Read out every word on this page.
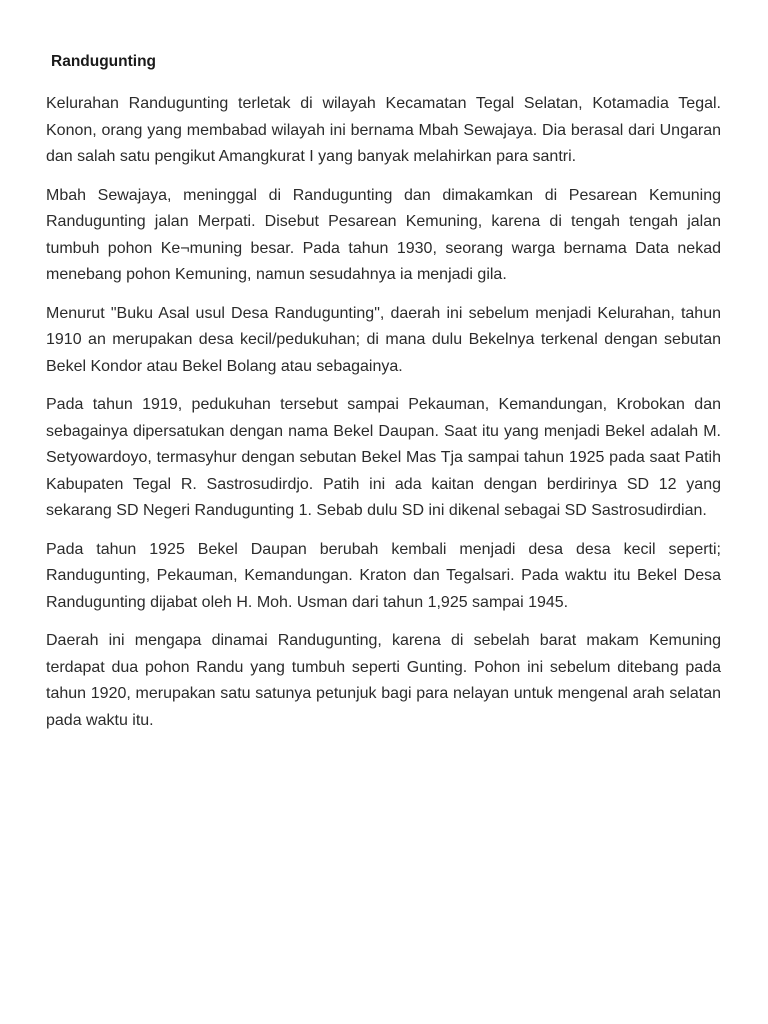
Randugunting

Kelurahan Randugunting terletak di wilayah Kecamatan Tegal Selatan, Kotamadia Tegal. Konon, orang yang membabad wilayah ini bernama Mbah Sewajaya. Dia berasal dari Ungaran dan salah satu pengikut Amangkurat I yang banyak melahirkan para santri.

Mbah Sewajaya, meninggal di Randugunting dan dimakamkan di Pesarean Kemuning Randugunting jalan Merpati. Disebut Pesarean Kemuning, karena di tengah tengah jalan tumbuh pohon Ke¬muning besar. Pada tahun 1930, seorang warga bernama Data nekad menebang pohon Kemuning, namun sesudahnya ia menjadi gila.

Menurut "Buku Asal usul Desa Randugunting", daerah ini sebelum menjadi Kelurahan, tahun 1910 an merupakan desa kecil/pedukuhan; di mana dulu Bekelnya terkenal dengan sebutan Bekel Kondor atau Bekel Bolang atau sebagainya.

Pada tahun 1919, pedukuhan tersebut sampai Pekauman, Kemandungan, Krobokan dan sebagainya dipersatukan dengan nama Bekel Daupan. Saat itu yang menjadi Bekel adalah M. Setyowardoyo, termasyhur dengan sebutan Bekel Mas Tja sampai tahun 1925 pada saat Patih Kabupaten Tegal R. Sastrosudirdjo. Patih ini ada kaitan dengan berdirinya SD 12 yang sekarang SD Negeri Randugunting 1. Sebab dulu SD ini dikenal sebagai SD Sastrosudirdian.

Pada tahun 1925 Bekel Daupan berubah kembali menjadi desa desa kecil seperti; Randugunting, Pekauman, Kemandungan. Kraton dan Tegalsari. Pada waktu itu Bekel Desa Randugunting dijabat oleh H. Moh. Usman dari tahun 1,925 sampai 1945.

Daerah ini mengapa dinamai Randugunting, karena di sebelah barat makam Kemuning terdapat dua pohon Randu yang tumbuh seperti Gunting. Pohon ini sebelum ditebang pada tahun 1920, merupakan satu satunya petunjuk bagi para nelayan untuk mengenal arah selatan pada waktu itu.
